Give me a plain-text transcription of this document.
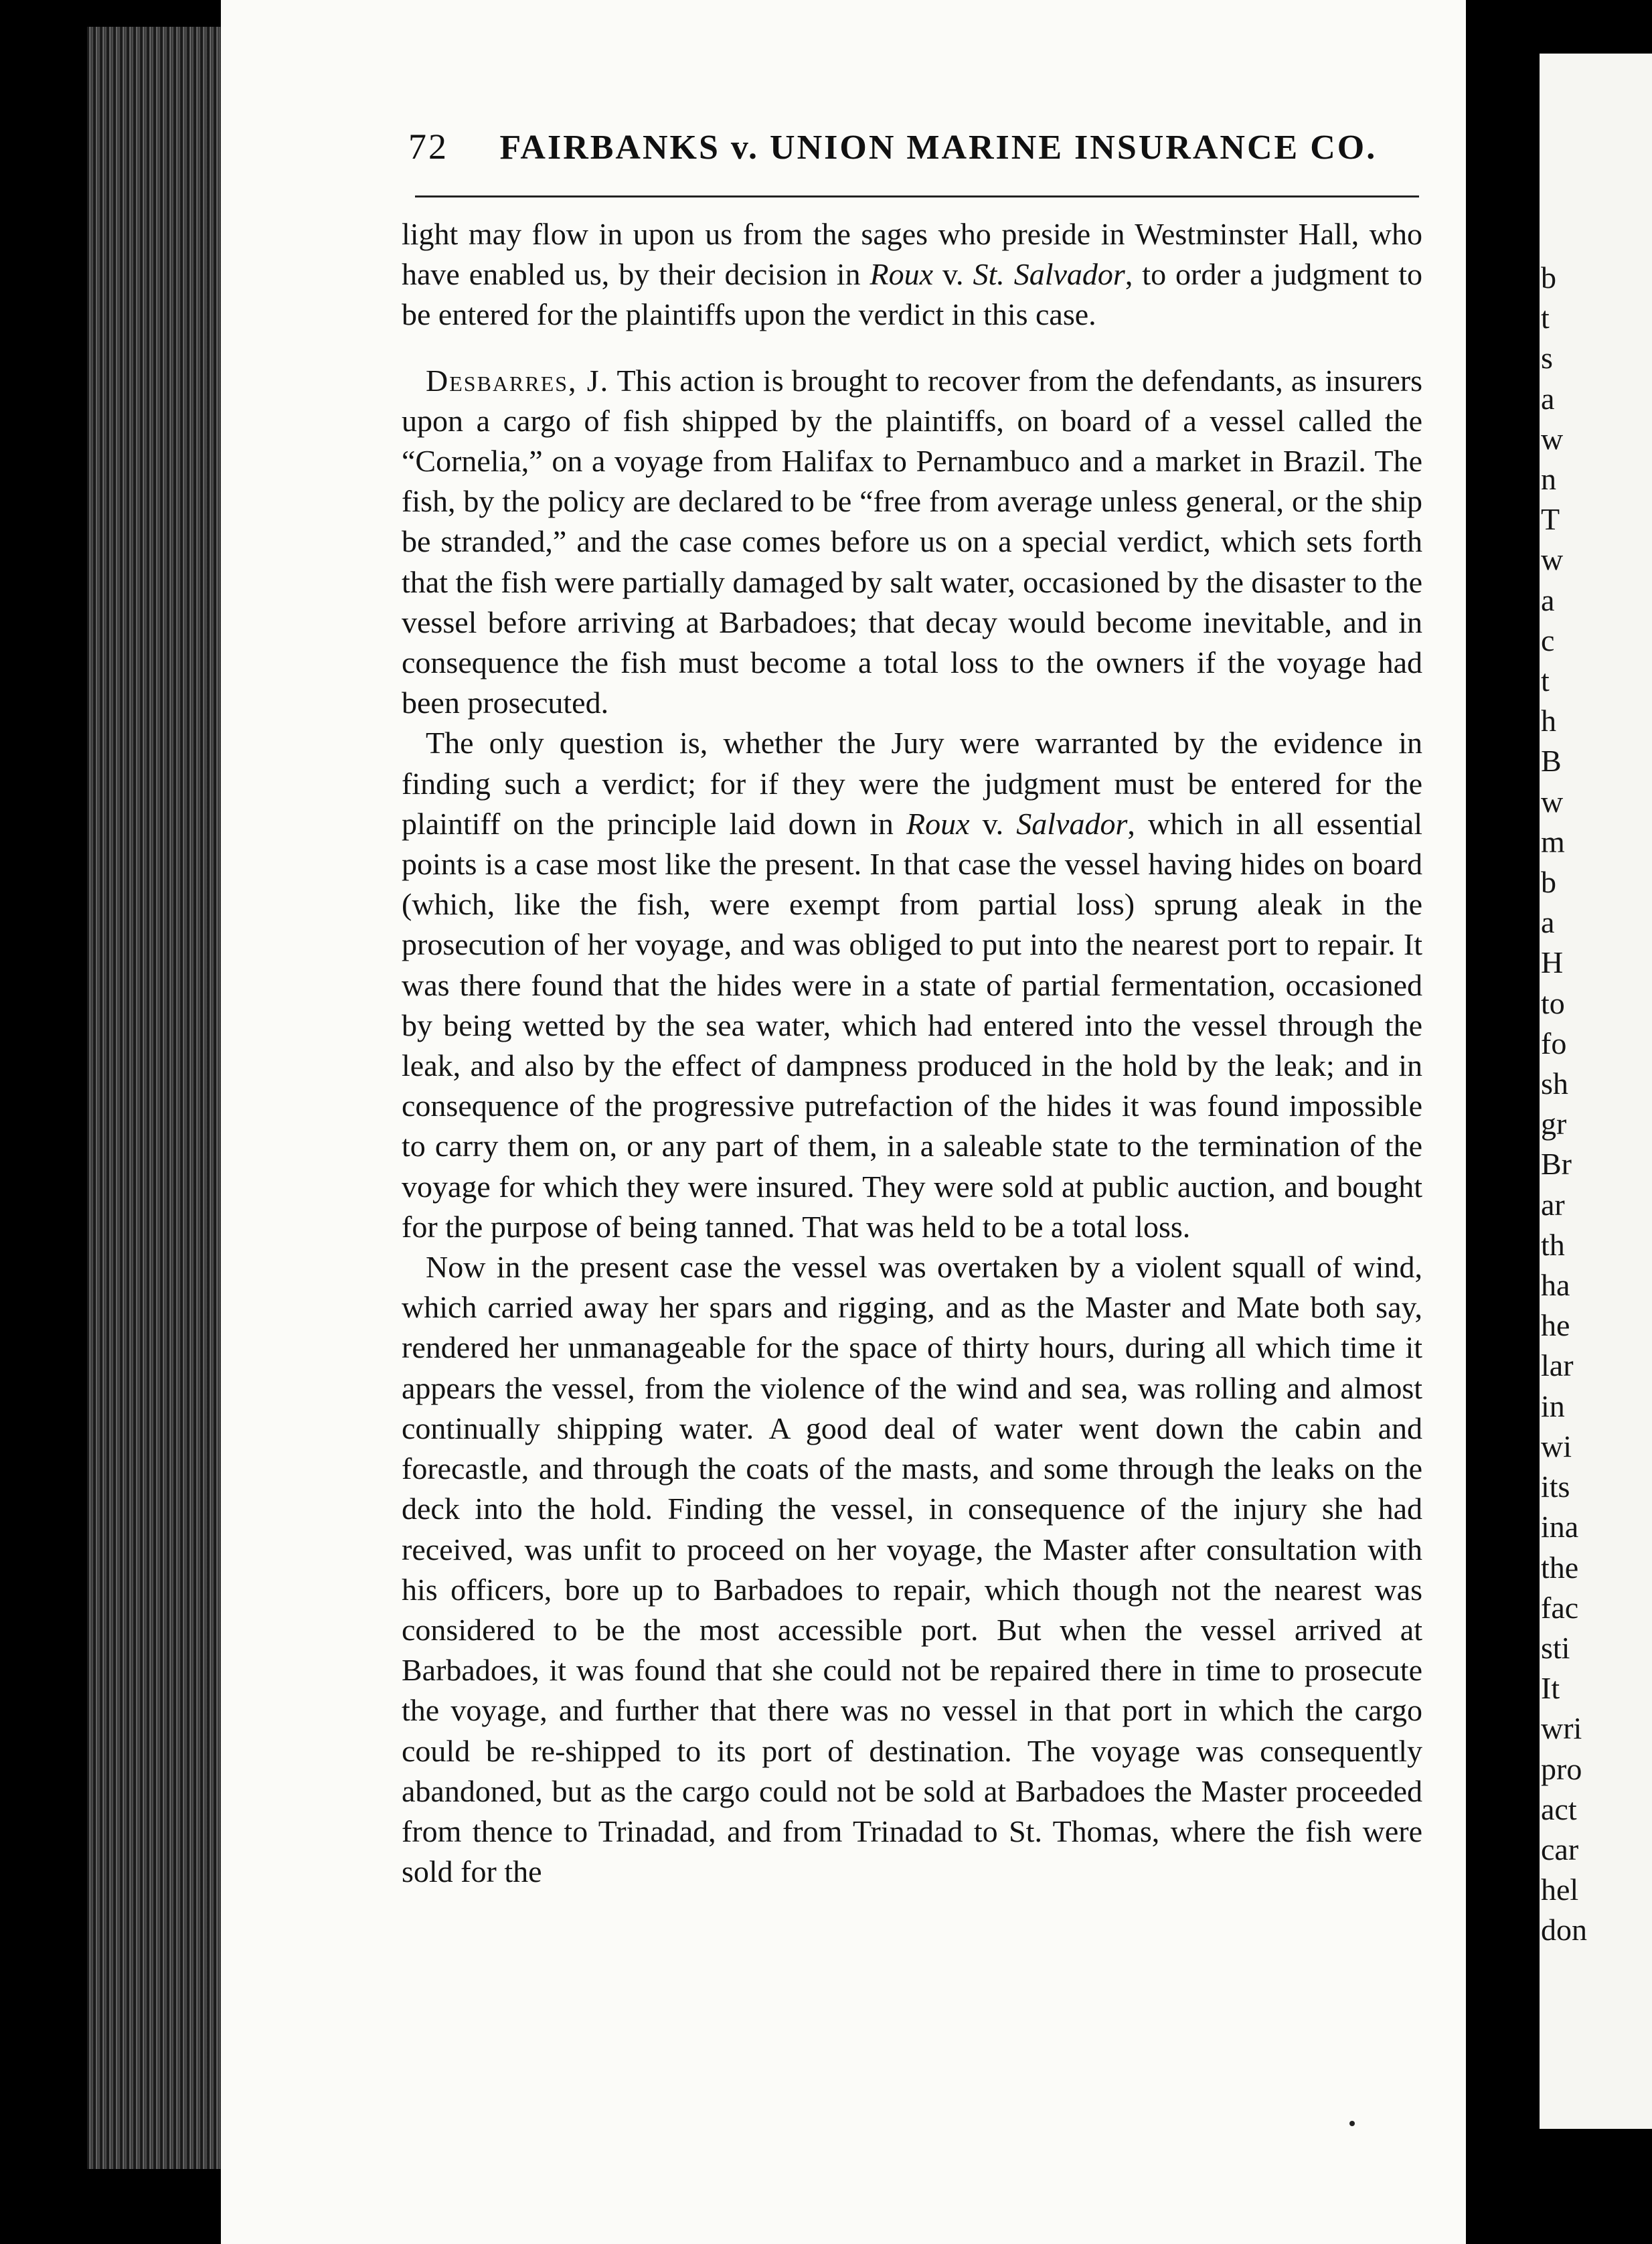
72 FAIRBANKS v. UNION MARINE INSURANCE CO.

light may flow in upon us from the sages who preside in Westminster Hall, who have enabled us, by their decision in Roux v. St. Salvador, to order a judgment to be entered for the plaintiffs upon the verdict in this case.

Desbarres, J. This action is brought to recover from the defendants, as insurers upon a cargo of fish shipped by the plaintiffs, on board of a vessel called the “Cornelia,” on a voyage from Halifax to Pernambuco and a market in Brazil. The fish, by the policy are declared to be “free from average unless general, or the ship be stranded,” and the case comes before us on a special verdict, which sets forth that the fish were partially damaged by salt water, occasioned by the disaster to the vessel before arriving at Barbadoes; that decay would become inevitable, and in consequence the fish must become a total loss to the owners if the voyage had been prosecuted.

The only question is, whether the Jury were warranted by the evidence in finding such a verdict; for if they were the judgment must be entered for the plaintiff on the principle laid down in Roux v. Salvador, which in all essential points is a case most like the present. In that case the vessel having hides on board (which, like the fish, were exempt from partial loss) sprung aleak in the prosecution of her voyage, and was obliged to put into the nearest port to repair. It was there found that the hides were in a state of partial fermentation, occasioned by being wetted by the sea water, which had entered into the vessel through the leak, and also by the effect of dampness produced in the hold by the leak; and in consequence of the progressive putrefaction of the hides it was found impossible to carry them on, or any part of them, in a saleable state to the termination of the voyage for which they were insured. They were sold at public auction, and bought for the purpose of being tanned. That was held to be a total loss.

Now in the present case the vessel was overtaken by a violent squall of wind, which carried away her spars and rigging, and as the Master and Mate both say, rendered her unmanageable for the space of thirty hours, during all which time it appears the vessel, from the violence of the wind and sea, was rolling and almost continually shipping water. A good deal of water went down the cabin and forecastle, and through the coats of the masts, and some through the leaks on the deck into the hold. Finding the vessel, in consequence of the injury she had received, was unfit to proceed on her voyage, the Master after consultation with his officers, bore up to Barbadoes to repair, which though not the nearest was considered to be the most accessible port. But when the vessel arrived at Barbadoes, it was found that she could not be repaired there in time to prosecute the voyage, and further that there was no vessel in that port in which the cargo could be re-shipped to its port of destination. The voyage was consequently abandoned, but as the cargo could not be sold at Barbadoes the Master proceeded from thence to Trinadad, and from Trinadad to St. Thomas, where the fish were sold for the

b
t
s
a
w
n
T
w
a
c
t
h
B
w
m
b
a
H
to
fo
sh
gr
Br
ar
th
ha
he
lar
in
wi
its
ina
the
fac
sti
It
wri
pro
act
car
hel
don
